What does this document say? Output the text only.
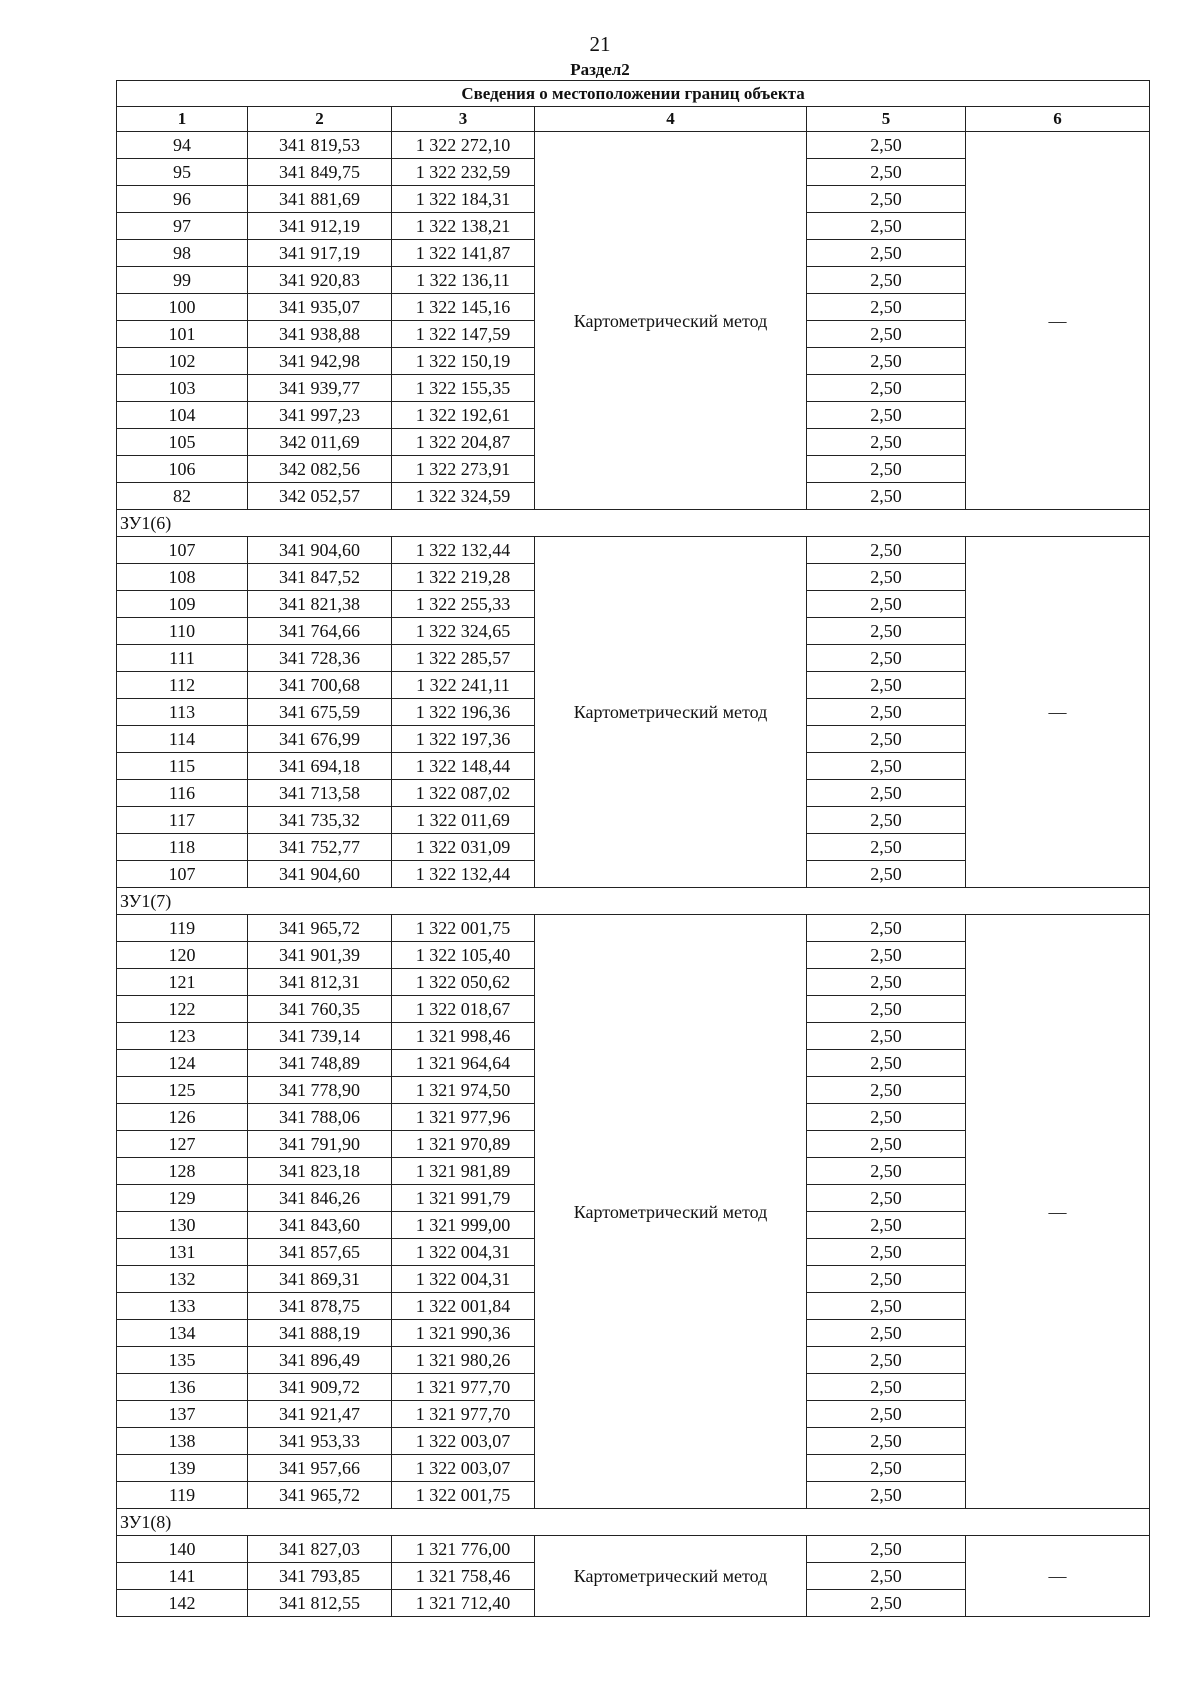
21
Раздел2
Сведения о местоположении границ объекта					
1	2	3	4	5	6
94	341 819,53	1 322 272,10	Картометрический метод	2,50	—
95	341 849,75	1 322 232,59		2,50	
96	341 881,69	1 322 184,31		2,50	
97	341 912,19	1 322 138,21		2,50	
98	341 917,19	1 322 141,87		2,50	
99	341 920,83	1 322 136,11		2,50	
100	341 935,07	1 322 145,16		2,50	
101	341 938,88	1 322 147,59		2,50	
102	341 942,98	1 322 150,19		2,50	
103	341 939,77	1 322 155,35		2,50	
104	341 997,23	1 322 192,61		2,50	
105	342 011,69	1 322 204,87		2,50	
106	342 082,56	1 322 273,91		2,50	
82	342 052,57	1 322 324,59		2,50	
ЗУ1(6)					
107	341 904,60	1 322 132,44	Картометрический метод	2,50	—
108	341 847,52	1 322 219,28		2,50	
109	341 821,38	1 322 255,33		2,50	
110	341 764,66	1 322 324,65		2,50	
111	341 728,36	1 322 285,57		2,50	
112	341 700,68	1 322 241,11		2,50	
113	341 675,59	1 322 196,36		2,50	
114	341 676,99	1 322 197,36		2,50	
115	341 694,18	1 322 148,44		2,50	
116	341 713,58	1 322 087,02		2,50	
117	341 735,32	1 322 011,69		2,50	
118	341 752,77	1 322 031,09		2,50	
107	341 904,60	1 322 132,44		2,50	
ЗУ1(7)					
119	341 965,72	1 322 001,75	Картометрический метод	2,50	—
120	341 901,39	1 322 105,40		2,50	
121	341 812,31	1 322 050,62		2,50	
122	341 760,35	1 322 018,67		2,50	
123	341 739,14	1 321 998,46		2,50	
124	341 748,89	1 321 964,64		2,50	
125	341 778,90	1 321 974,50		2,50	
126	341 788,06	1 321 977,96		2,50	
127	341 791,90	1 321 970,89		2,50	
128	341 823,18	1 321 981,89		2,50	
129	341 846,26	1 321 991,79		2,50	
130	341 843,60	1 321 999,00		2,50	
131	341 857,65	1 322 004,31		2,50	
132	341 869,31	1 322 004,31		2,50	
133	341 878,75	1 322 001,84		2,50	
134	341 888,19	1 321 990,36		2,50	
135	341 896,49	1 321 980,26		2,50	
136	341 909,72	1 321 977,70		2,50	
137	341 921,47	1 321 977,70		2,50	
138	341 953,33	1 322 003,07		2,50	
139	341 957,66	1 322 003,07		2,50	
119	341 965,72	1 322 001,75		2,50	
ЗУ1(8)					
140	341 827,03	1 321 776,00	Картометрический метод	2,50	—
141	341 793,85	1 321 758,46		2,50	
142	341 812,55	1 321 712,40		2,50	
